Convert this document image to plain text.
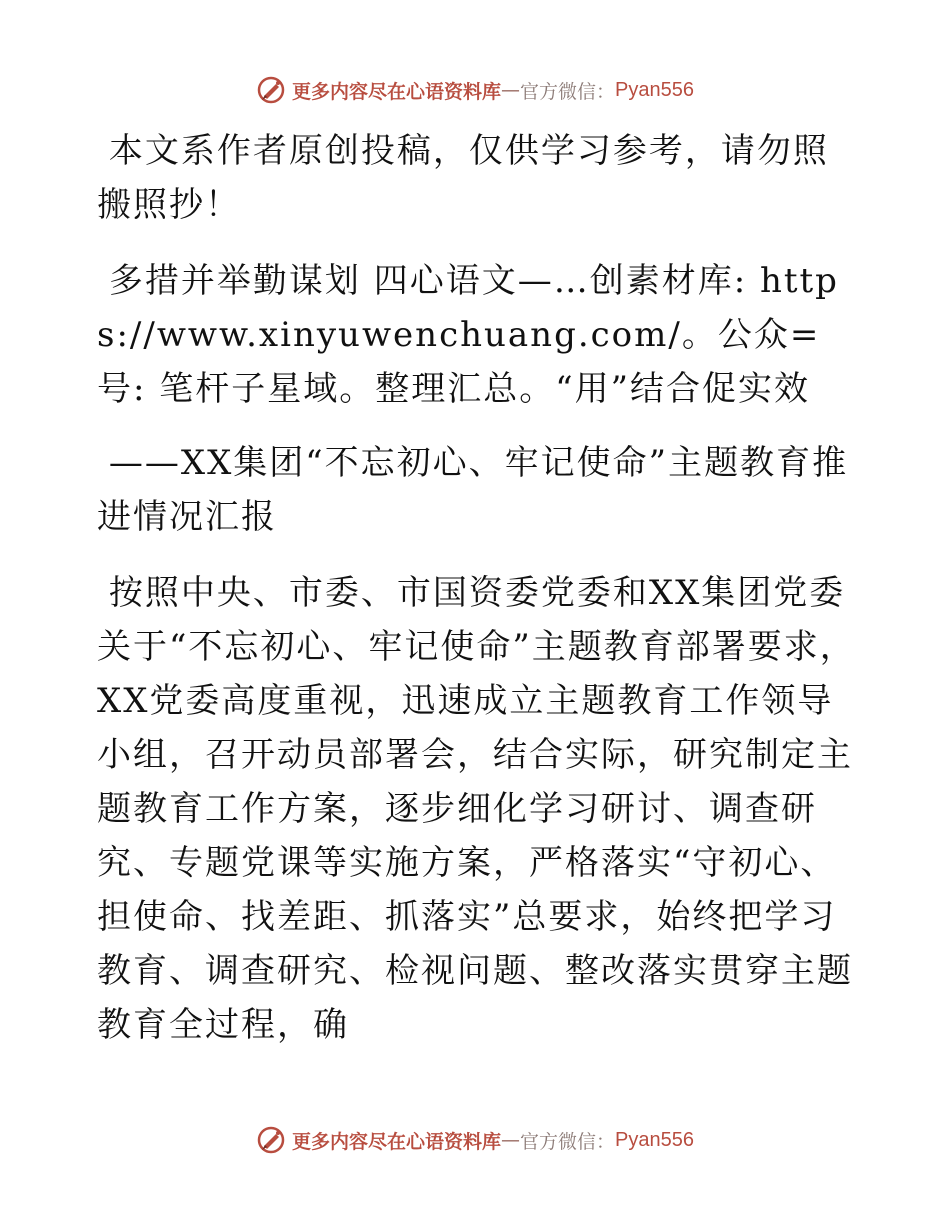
更多内容尽在心语资料库 — 官方微信： Pyan556

本文系作者原创投稿，仅供学习参考，请勿照搬照抄！

多措并举勤谋划 四心语文—…创素材库: https://www.xinyuwenchuang.com/。公众=号: 笔杆子星域。整理汇总。“用”结合促实效

——XX集团“不忘初心、牢记使命”主题教育推进情况汇报

按照中央、市委、市国资委党委和XX集团党委关于“不忘初心、牢记使命”主题教育部署要求，XX党委高度重视，迅速成立主题教育工作领导小组，召开动员部署会，结合实际，研究制定主题教育工作方案，逐步细化学习研讨、调查研究、专题党课等实施方案，严格落实“守初心、担使命、找差距、抓落实”总要求，始终把学习教育、调查研究、检视问题、整改落实贯穿主题教育全过程，确

更多内容尽在心语资料库 — 官方微信： Pyan556
